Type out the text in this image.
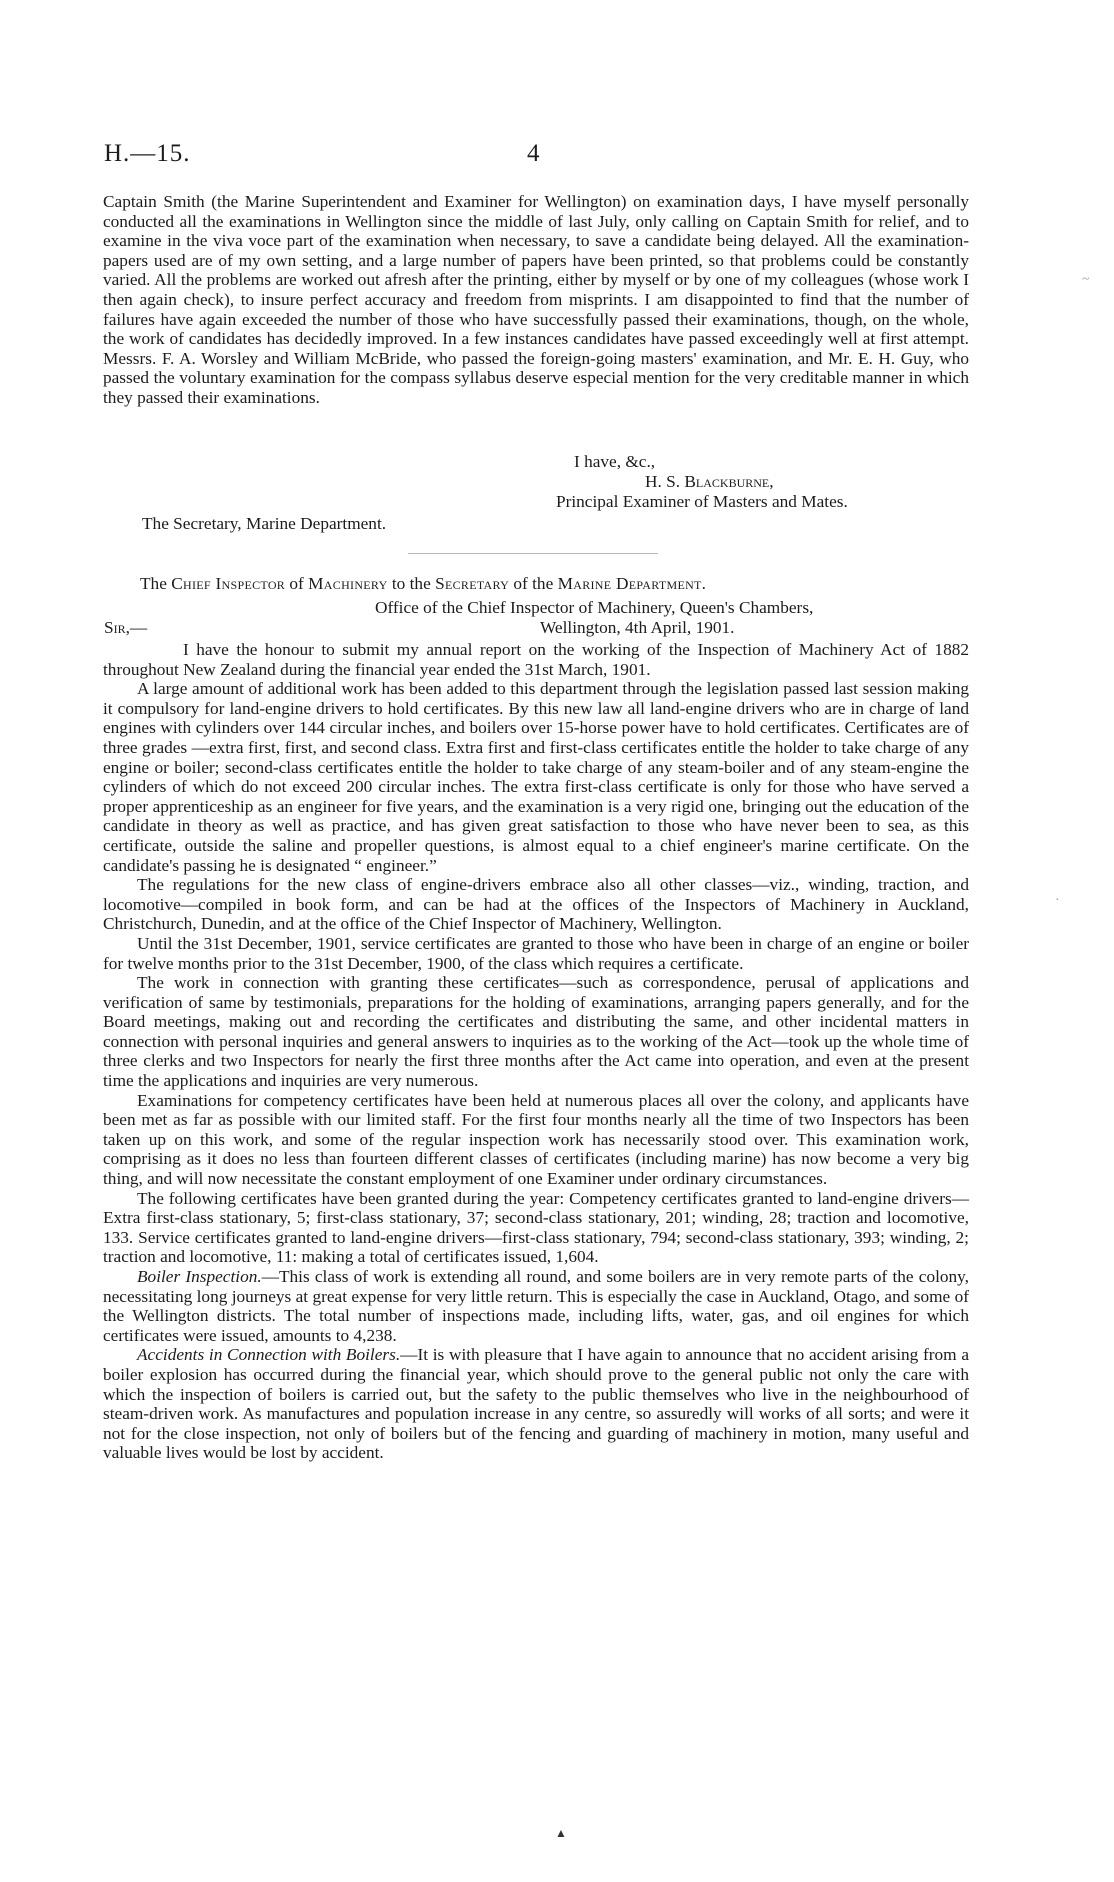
H.—15.	4

Captain Smith (the Marine Superintendent and Examiner for Wellington) on examination days, I have myself personally conducted all the examinations in Wellington since the middle of last July, only calling on Captain Smith for relief, and to examine in the viva voce part of the examination when necessary, to save a candidate being delayed. All the examination-papers used are of my own setting, and a large number of papers have been printed, so that problems could be constantly varied. All the problems are worked out afresh after the printing, either by myself or by one of my colleagues (whose work I then again check), to insure perfect accuracy and freedom from misprints. I am disappointed to find that the number of failures have again exceeded the number of those who have successfully passed their examinations, though, on the whole, the work of candidates has decidedly improved. In a few instances candidates have passed exceedingly well at first attempt. Messrs. F. A. Worsley and William McBride, who passed the foreign-going masters' examination, and Mr. E. H. Guy, who passed the voluntary examination for the compass syllabus deserve especial mention for the very creditable manner in which they passed their examinations.

I have, &c.,
H. S. Blackburne,
Principal Examiner of Masters and Mates.
The Secretary, Marine Department.
The Chief Inspector of Machinery to the Secretary of the Marine Department.
Office of the Chief Inspector of Machinery, Queen's Chambers,
Sir,—	Wellington, 4th April, 1901.

I have the honour to submit my annual report on the working of the Inspection of Machinery Act of 1882 throughout New Zealand during the financial year ended the 31st March, 1901.

A large amount of additional work has been added to this department through the legislation passed last session making it compulsory for land-engine drivers to hold certificates. By this new law all land-engine drivers who are in charge of land engines with cylinders over 144 circular inches, and boilers over 15-horse power have to hold certificates. Certificates are of three grades —extra first, first, and second class. Extra first and first-class certificates entitle the holder to take charge of any engine or boiler; second-class certificates entitle the holder to take charge of any steam-boiler and of any steam-engine the cylinders of which do not exceed 200 circular inches. The extra first-class certificate is only for those who have served a proper apprenticeship as an engineer for five years, and the examination is a very rigid one, bringing out the education of the candidate in theory as well as practice, and has given great satisfaction to those who have never been to sea, as this certificate, outside the saline and propeller questions, is almost equal to a chief engineer's marine certificate. On the candidate's passing he is designated “ engineer.”

The regulations for the new class of engine-drivers embrace also all other classes—viz., winding, traction, and locomotive—compiled in book form, and can be had at the offices of the Inspectors of Machinery in Auckland, Christchurch, Dunedin, and at the office of the Chief Inspector of Machinery, Wellington.

Until the 31st December, 1901, service certificates are granted to those who have been in charge of an engine or boiler for twelve months prior to the 31st December, 1900, of the class which requires a certificate.

The work in connection with granting these certificates—such as correspondence, perusal of applications and verification of same by testimonials, preparations for the holding of examinations, arranging papers generally, and for the Board meetings, making out and recording the certificates and distributing the same, and other incidental matters in connection with personal inquiries and general answers to inquiries as to the working of the Act—took up the whole time of three clerks and two Inspectors for nearly the first three months after the Act came into operation, and even at the present time the applications and inquiries are very numerous.

Examinations for competency certificates have been held at numerous places all over the colony, and applicants have been met as far as possible with our limited staff. For the first four months nearly all the time of two Inspectors has been taken up on this work, and some of the regular inspection work has necessarily stood over. This examination work, comprising as it does no less than fourteen different classes of certificates (including marine) has now become a very big thing, and will now necessitate the constant employment of one Examiner under ordinary circumstances.

The following certificates have been granted during the year: Competency certificates granted to land-engine drivers—Extra first-class stationary, 5; first-class stationary, 37; second-class stationary, 201; winding, 28; traction and locomotive, 133. Service certificates granted to land-engine drivers—first-class stationary, 794; second-class stationary, 393; winding, 2; traction and locomotive, 11: making a total of certificates issued, 1,604.

Boiler Inspection.—This class of work is extending all round, and some boilers are in very remote parts of the colony, necessitating long journeys at great expense for very little return. This is especially the case in Auckland, Otago, and some of the Wellington districts. The total number of inspections made, including lifts, water, gas, and oil engines for which certificates were issued, amounts to 4,238.

Accidents in Connection with Boilers.—It is with pleasure that I have again to announce that no accident arising from a boiler explosion has occurred during the financial year, which should prove to the general public not only the care with which the inspection of boilers is carried out, but the safety to the public themselves who live in the neighbourhood of steam-driven work. As manufactures and population increase in any centre, so assuredly will works of all sorts; and were it not for the close inspection, not only of boilers but of the fencing and guarding of machinery in motion, many useful and valuable lives would be lost by accident.

~
·
▲
